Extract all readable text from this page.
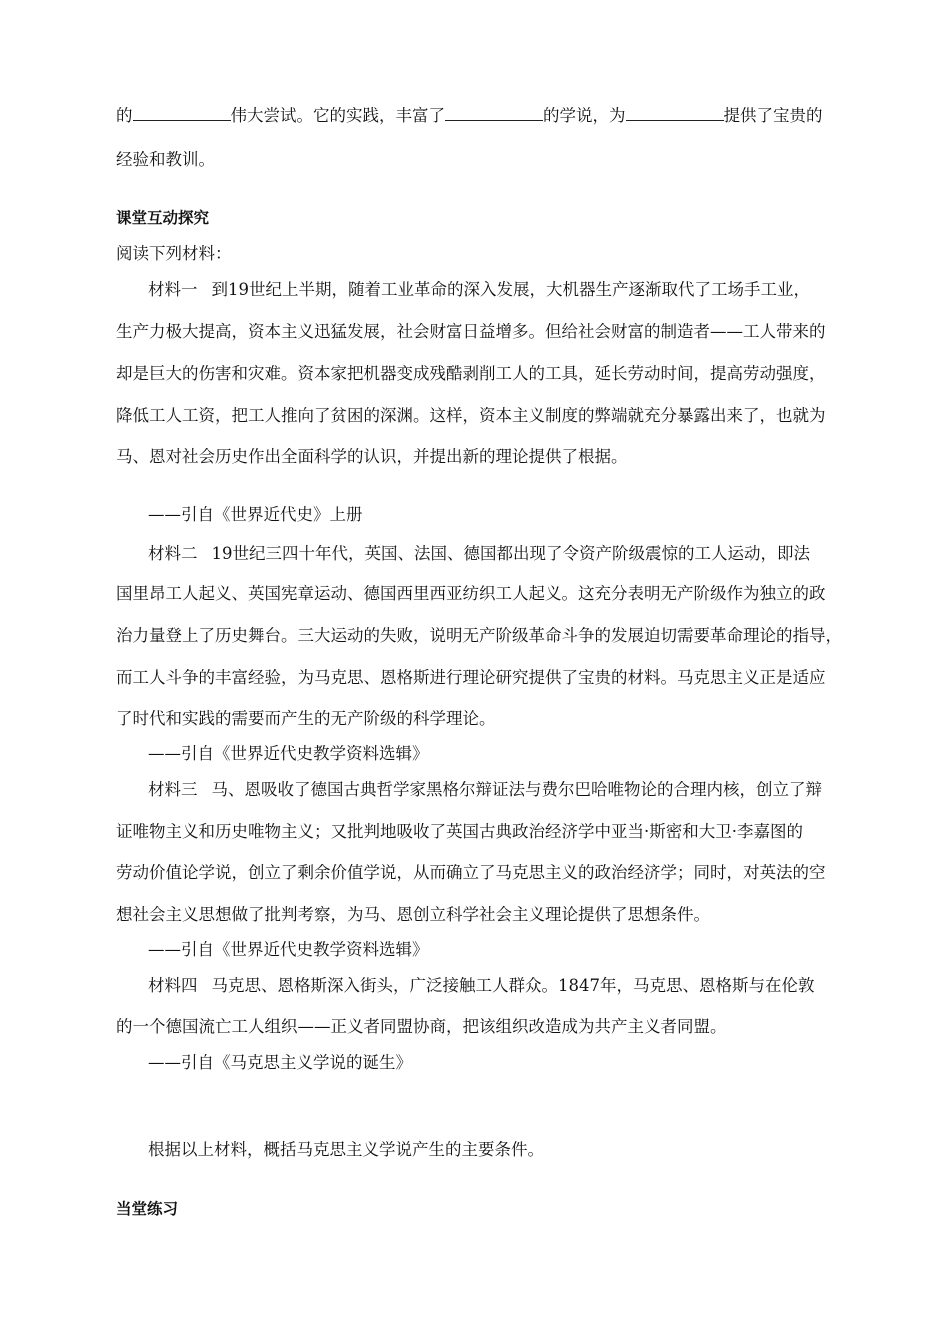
的	伟大尝试。它的实践，丰富了	的学说，为	提供了宝贵的
经验和教训。
课堂互动探究
阅读下列材料：
材料一 到19世纪上半期，随着工业革命的深入发展，大机器生产逐渐取代了工场手工业，
生产力极大提高，资本主义迅猛发展，社会财富日益增多。但给社会财富的制造者——工人带来的
却是巨大的伤害和灾难。资本家把机器变成残酷剥削工人的工具，延长劳动时间，提高劳动强度，
降低工人工资，把工人推向了贫困的深渊。这样，资本主义制度的弊端就充分暴露出来了，也就为
马、恩对社会历史作出全面科学的认识，并提出新的理论提供了根据。
——引自《世界近代史》上册
材料二 19世纪三四十年代，英国、法国、德国都出现了令资产阶级震惊的工人运动，即法
国里昂工人起义、英国宪章运动、德国西里西亚纺织工人起义。这充分表明无产阶级作为独立的政
治力量登上了历史舞台。三大运动的失败，说明无产阶级革命斗争的发展迫切需要革命理论的指导，
而工人斗争的丰富经验，为马克思、恩格斯进行理论研究提供了宝贵的材料。马克思主义正是适应
了时代和实践的需要而产生的无产阶级的科学理论。
——引自《世界近代史教学资料选辑》
材料三 马、恩吸收了德国古典哲学家黑格尔辩证法与费尔巴哈唯物论的合理内核，创立了辩
证唯物主义和历史唯物主义；又批判地吸收了英国古典政治经济学中亚当·斯密和大卫·李嘉图的
劳动价值论学说，创立了剩余价值学说，从而确立了马克思主义的政治经济学；同时，对英法的空
想社会主义思想做了批判考察，为马、恩创立科学社会主义理论提供了思想条件。
——引自《世界近代史教学资料选辑》
材料四 马克思、恩格斯深入街头，广泛接触工人群众。1847年，马克思、恩格斯与在伦敦
的一个德国流亡工人组织——正义者同盟协商，把该组织改造成为共产主义者同盟。
——引自《马克思主义学说的诞生》
根据以上材料，概括马克思主义学说产生的主要条件。
当堂练习
